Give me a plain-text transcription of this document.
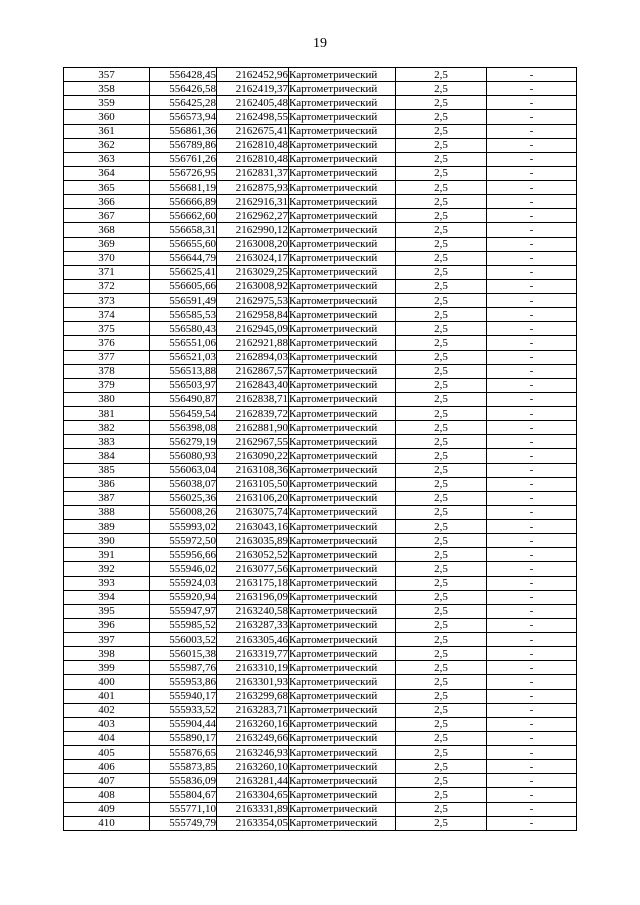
19
357	556428,45	2162452,96	Картометрический	2,5	-
358	556426,58	2162419,37	Картометрический	2,5	-
359	556425,28	2162405,48	Картометрический	2,5	-
360	556573,94	2162498,55	Картометрический	2,5	-
361	556861,36	2162675,41	Картометрический	2,5	-
362	556789,86	2162810,48	Картометрический	2,5	-
363	556761,26	2162810,48	Картометрический	2,5	-
364	556726,95	2162831,37	Картометрический	2,5	-
365	556681,19	2162875,93	Картометрический	2,5	-
366	556666,89	2162916,31	Картометрический	2,5	-
367	556662,60	2162962,27	Картометрический	2,5	-
368	556658,31	2162990,12	Картометрический	2,5	-
369	556655,60	2163008,20	Картометрический	2,5	-
370	556644,79	2163024,17	Картометрический	2,5	-
371	556625,41	2163029,25	Картометрический	2,5	-
372	556605,66	2163008,92	Картометрический	2,5	-
373	556591,49	2162975,53	Картометрический	2,5	-
374	556585,53	2162958,84	Картометрический	2,5	-
375	556580,43	2162945,09	Картометрический	2,5	-
376	556551,06	2162921,88	Картометрический	2,5	-
377	556521,03	2162894,03	Картометрический	2,5	-
378	556513,88	2162867,57	Картометрический	2,5	-
379	556503,97	2162843,40	Картометрический	2,5	-
380	556490,87	2162838,71	Картометрический	2,5	-
381	556459,54	2162839,72	Картометрический	2,5	-
382	556398,08	2162881,90	Картометрический	2,5	-
383	556279,19	2162967,55	Картометрический	2,5	-
384	556080,93	2163090,22	Картометрический	2,5	-
385	556063,04	2163108,36	Картометрический	2,5	-
386	556038,07	2163105,50	Картометрический	2,5	-
387	556025,36	2163106,20	Картометрический	2,5	-
388	556008,26	2163075,74	Картометрический	2,5	-
389	555993,02	2163043,16	Картометрический	2,5	-
390	555972,50	2163035,89	Картометрический	2,5	-
391	555956,66	2163052,52	Картометрический	2,5	-
392	555946,02	2163077,56	Картометрический	2,5	-
393	555924,03	2163175,18	Картометрический	2,5	-
394	555920,94	2163196,09	Картометрический	2,5	-
395	555947,97	2163240,58	Картометрический	2,5	-
396	555985,52	2163287,33	Картометрический	2,5	-
397	556003,52	2163305,46	Картометрический	2,5	-
398	556015,38	2163319,77	Картометрический	2,5	-
399	555987,76	2163310,19	Картометрический	2,5	-
400	555953,86	2163301,93	Картометрический	2,5	-
401	555940,17	2163299,68	Картометрический	2,5	-
402	555933,52	2163283,71	Картометрический	2,5	-
403	555904,44	2163260,16	Картометрический	2,5	-
404	555890,17	2163249,66	Картометрический	2,5	-
405	555876,65	2163246,93	Картометрический	2,5	-
406	555873,85	2163260,10	Картометрический	2,5	-
407	555836,09	2163281,44	Картометрический	2,5	-
408	555804,67	2163304,65	Картометрический	2,5	-
409	555771,10	2163331,89	Картометрический	2,5	-
410	555749,79	2163354,05	Картометрический	2,5	-
